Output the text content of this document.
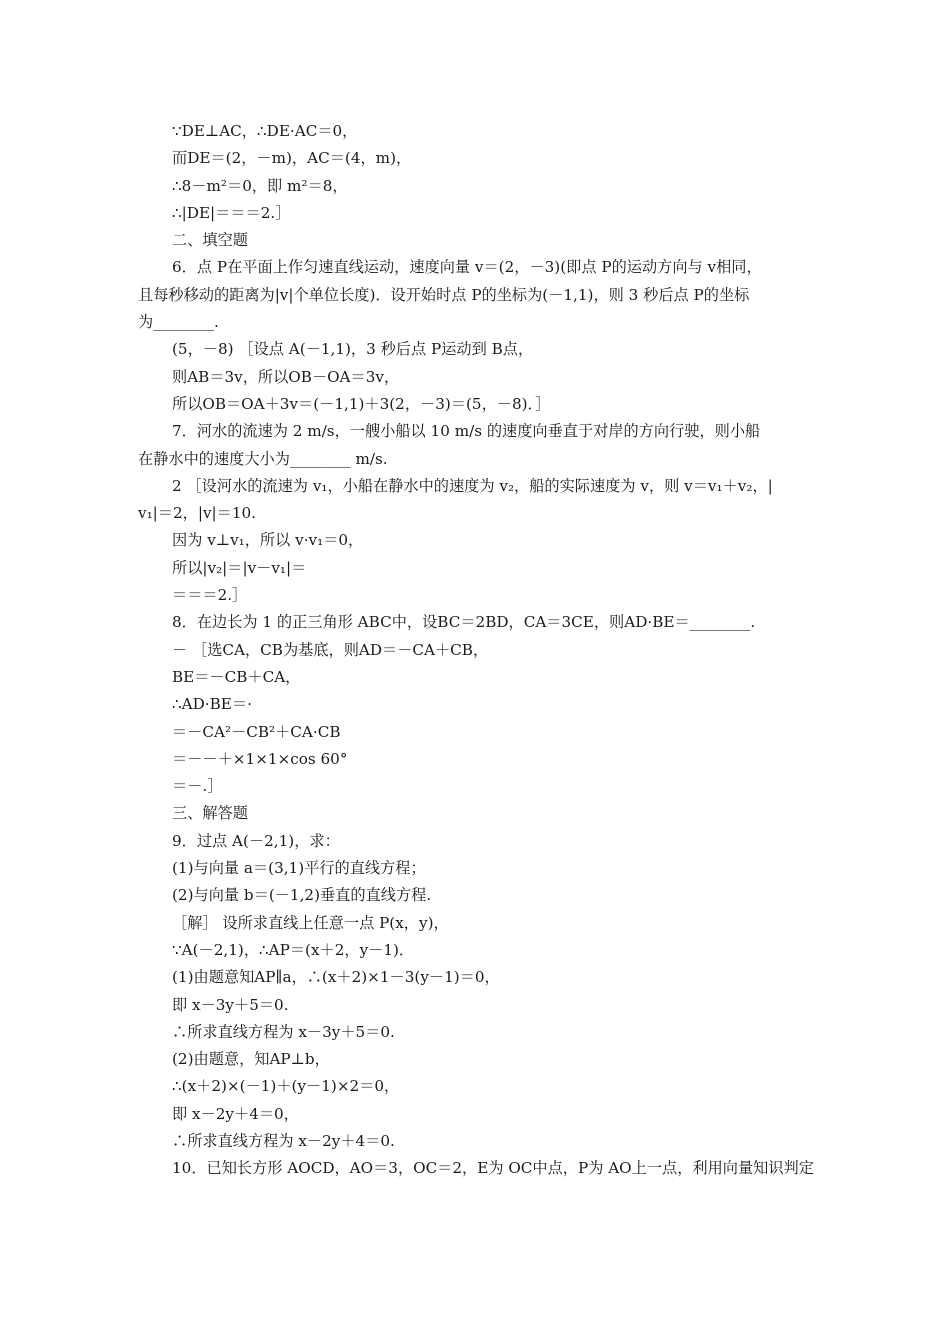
∵DE⊥AC，∴DE·AC＝0，
而DE＝(2，－m)，AC＝(4，m)，
∴8－m²＝0，即 m²＝8，
∴|DE|＝＝＝2.］
二、填空题
6．点 P在平面上作匀速直线运动，速度向量 v＝(2，－3)(即点 P的运动方向与 v相同，
且每秒移动的距离为|v|个单位长度)．设开始时点 P的坐标为(－1,1)，则 3 秒后点 P的坐标
为________.
(5，－8) ［设点 A(－1,1)，3 秒后点 P运动到 B点，
则AB＝3v，所以OB－OA＝3v，
所以OB＝OA＋3v＝(－1,1)＋3(2，－3)＝(5，－8)．］
7．河水的流速为 2 m/s，一艘小船以 10 m/s 的速度向垂直于对岸的方向行驶，则小船
在静水中的速度大小为________ m/s.
2 ［设河水的流速为 v₁，小船在静水中的速度为 v₂，船的实际速度为 v，则 v＝v₁＋v₂，|
v₁|＝2，|v|＝10.
因为 v⊥v₁，所以 v·v₁＝0，
所以|v₂|＝|v－v₁|＝
＝＝＝2.］
8．在边长为 1 的正三角形 ABC中，设BC＝2BD，CA＝3CE，则AD·BE＝________.
－ ［选CA，CB为基底，则AD＝－CA＋CB，
BE＝－CB＋CA，
∴AD·BE＝·
＝－CA²－CB²＋CA·CB
＝－－＋×1×1×cos 60°
＝－.］
三、解答题
9．过点 A(－2,1)，求：
(1)与向量 a＝(3,1)平行的直线方程；
(2)与向量 b＝(－1,2)垂直的直线方程.
［解］ 设所求直线上任意一点 P(x，y)，
∵A(－2,1)，∴AP＝(x＋2，y－1)．
(1)由题意知AP∥a，∴(x＋2)×1－3(y－1)＝0，
即 x－3y＋5＝0.
∴所求直线方程为 x－3y＋5＝0.
(2)由题意，知AP⊥b，
∴(x＋2)×(－1)＋(y－1)×2＝0，
即 x－2y＋4＝0，
∴所求直线方程为 x－2y＋4＝0.
10．已知长方形 AOCD，AO＝3，OC＝2，E为 OC中点，P为 AO上一点，利用向量知识判定
